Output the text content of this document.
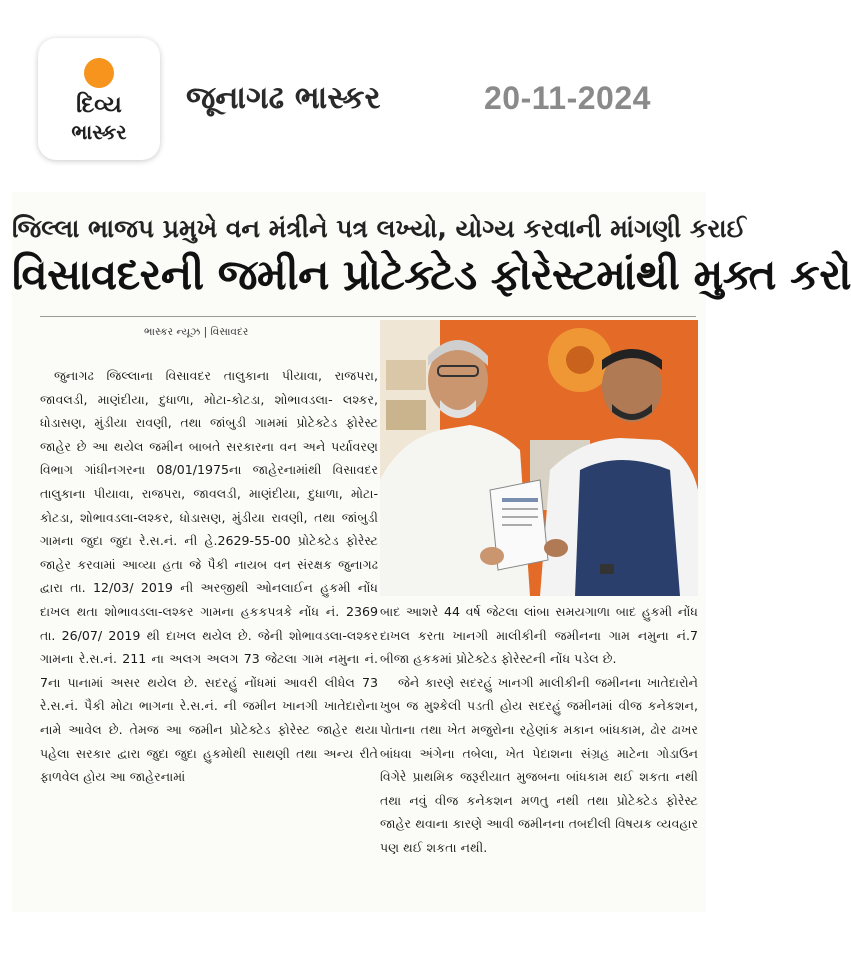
દિવ્ય
ભાસ્કર
જૂનાગઢ ભાસ્કર	20-11-2024
જિલ્લા ભાજપ પ્રમુખે વન મંત્રીને પત્ર લખ્યો, યોગ્ય કરવાની માંગણી કરાઈ
વિસાવદરની જમીન પ્રોટેક્ટેડ ફોરેસ્ટમાંથી મુક્ત કરો
ભાસ્કર ન્યૂઝ | વિસાવદર

જુનાગઢ જિલ્લાના વિસાવદર તાલુકાના પીયાવા, રાજપરા, જાવલડી, માણંદીયા, દુધાળા, મોટા-કોટડા, શોભાવડલા- લશ્કર, ધોડાસણ, મુંડીયા રાવણી, તથા જાંબુડી ગામમાં પ્રોટેક્ટેડ ફોરેસ્ટ જાહેર છે આ થયેલ જમીન બાબતે સરકારના વન અને પર્યાવરણ વિભાગ ગાંધીનગરના 08/01/1975ના જાહેરનામાંથી વિસાવદર તાલુકાના પીયાવા, રાજપરા, જાવલડી, માણંદીયા, દુધાળા, મોટા-કોટડા, શોભાવડલા-લશ્કર, ધોડાસણ, મુંડીયા રાવણી, તથા જાંબુડી ગામના જુદા જુદા રે.સ.નં. ની હે.2629-55-00 પ્રોટેક્ટેડ ફોરેસ્ટ જાહેર કરવામાં આવ્યા હતા જે પૈકી નાયબ વન સંરક્ષક જુનાગઢ દ્વારા તા. 12/03/ 2019 ની અરજીથી ઓનલાઈન હુકમી નોંધ દાખલ થતા શોભાવડલા-લશ્કર ગામના હકકપત્રકે નોંધ નં. 2369 તા. 26/07/ 2019 થી દાખલ થયેલ છે. જેની શોભાવડલા-લશ્કર ગામના રે.સ.નં. 211 ના અલગ અલગ 73 જેટલા ગામ નમુના નં. 7ના પાનામાં અસર થયેલ છે. સદરહું નોંધમાં આવરી લીધેલ 73 રે.સ.નં. પૈકી મોટા ભાગના રે.સ.નં. ની જમીન ખાનગી ખાતેદારોના નામે આવેલ છે. તેમજ આ જમીન પ્રોટેક્ટેડ ફોરેસ્ટ જાહેર થયા પહેલા સરકાર દ્વારા જુદા જુદા હુકમોથી સાથણી તથા અન્ય રીતે ફાળવેલ હોય આ જાહેરનામાં

બાદ આશરે 44 વર્ષ જેટલા લાંબા સમયગાળા બાદ હુકમી નોંધ દાખલ કરતા ખાનગી માલીકીની જમીનના ગામ નમુના નં.7 બીજા હકકમાં પ્રોટેક્ટેડ ફોરેસ્ટની નોંધ પડેલ છે.

જેને કારણે સદરહું ખાનગી માલીકીની જમીનના ખાતેદારોને ખુબ જ મુશ્કેલી પડતી હોય સદરહું જમીનમાં વીજ કનેકશન, પોતાના તથા ખેત મજુરોના રહેણાંક મકાન બાંધકામ, ઢોર ઢાખર બાંધવા અંગેના તબેલા, ખેત પેદાશના સંગ્રહ માટેના ગોડાઉન વિગેરે પ્રાથમિક જરૂરીયાત મુજબના બાંધકામ થઈ શકતા નથી તથા નવું વીજ કનેકશન મળતુ નથી તથા પ્રોટેક્ટેડ ફોરેસ્ટ જાહેર થવાના કારણે આવી જમીનના તબદીલી વિષયક વ્યવહાર પણ થઈ શકતા નથી.
